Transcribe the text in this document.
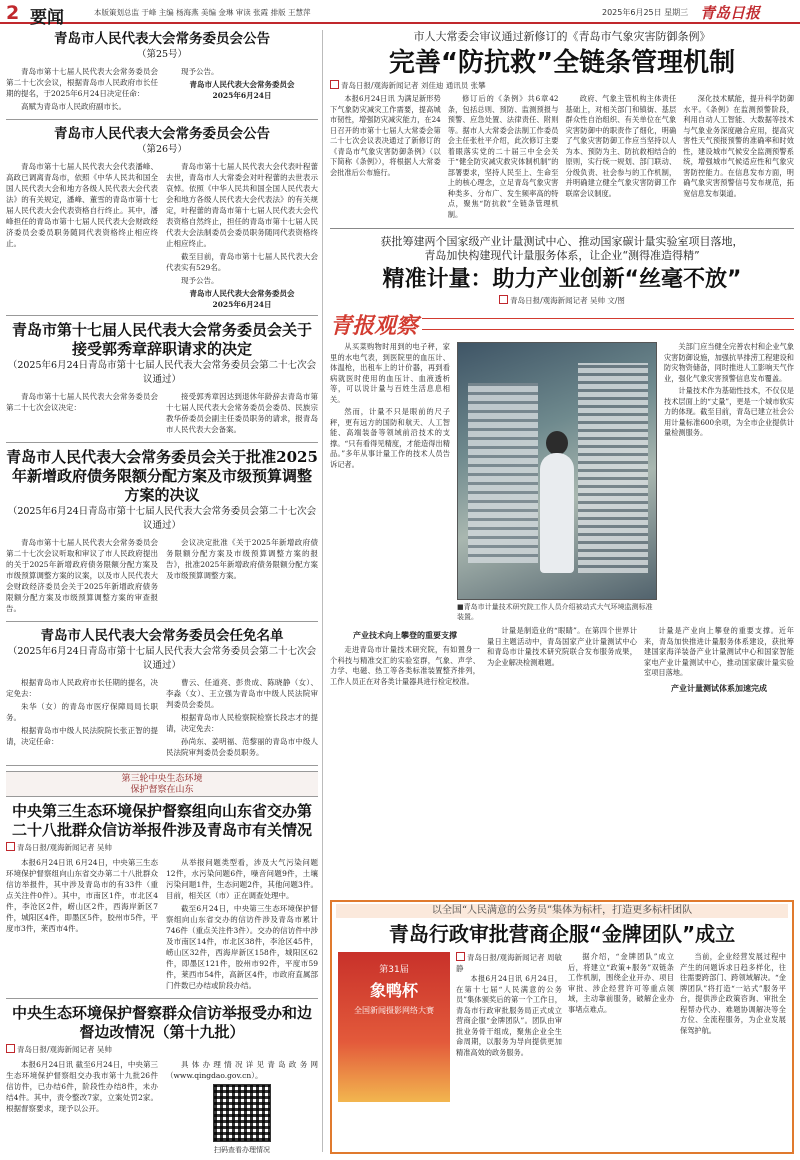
2 要闻	本版策划总监 于峰 主编 杨海燕 美编 金琳 审读 张霞 排版 王慧萍	2025年6月25日 星期三 青岛日报
青岛市人民代表大会常务委员会公告
（第25号）

青岛市第十七届人民代表大会常务委员会第二十七次会议，根据青岛市人民政府市长任期的提名，于2025年6月24日决定任命：

高赋为青岛市人民政府副市长。

现予公告。

青岛市人民代表大会常务委员会
2025年6月24日
青岛市人民代表大会常务委员会公告
（第26号）

青岛市第十七届人民代表大会代表潘峰、高政已调离青岛市，依照《中华人民共和国全国人民代表大会和地方各级人民代表大会代表法》的有关规定，潘峰、董雪的青岛市第十七届人民代表大会代表资格自行终止。其中，潘峰担任的青岛市第十七届人民代表大会财政经济委员会委员职务随同代表资格终止相应终止。

青岛市第十七届人民代表大会代表叶程蕾去世，青岛市人大常委会对叶程蕾的去世表示哀悼。依照《中华人民共和国全国人民代表大会和地方各级人民代表大会代表法》的有关规定，叶程蕾的青岛市第十七届人民代表大会代表资格自然终止，担任的青岛市第十七届人民代表大会法制委员会委员职务随同代表资格终止相应终止。

截至目前，青岛市第十七届人民代表大会代表实有529名。

现予公告。

青岛市人民代表大会常务委员会
2025年6月24日
青岛市第十七届人民代表大会常务委员会关于接受郭秀章辞职请求的决定
（2025年6月24日青岛市第十七届人民代表大会常务委员会第二十七次会议通过）

青岛市第十七届人民代表大会常务委员会第二十七次会议决定：

接受郭秀章因达到退休年龄辞去青岛市第十七届人民代表大会常务委员会委员、民族宗教华侨委员会副主任委员职务的请求，报青岛市人民代表大会备案。

青岛市人民代表大会常务委员会关于批准2025年新增政府债务限额分配方案及市级预算调整方案的决议
（2025年6月24日青岛市第十七届人民代表大会常务委员会第二十七次会议通过）

青岛市第十七届人民代表大会常务委员会第二十七次会议听取和审议了市人民政府提出的关于2025年新增政府债务限额分配方案及市级预算调整方案的议案，以及市人民代表大会财政经济委员会关于2025年新增政府债务限额分配方案及市级预算调整方案的审查报告。

会议决定批准《关于2025年新增政府债务限额分配方案及市级预算调整方案的报告》，批准2025年新增政府债务限额分配方案及市级预算调整方案。

青岛市人民代表大会常务委员会任免名单
（2025年6月24日青岛市第十七届人民代表大会常务委员会第二十七次会议通过）

根据青岛市人民政府市长任期的提名，决定免去：

朱华（女）的青岛市医疗保障局局长职务。

根据青岛市中级人民法院院长张正智的提请，决定任命：

曹云、任道亮、彭贵成、陈晓静（女）、李淼（女）、王立强为青岛市中级人民法院审判委员会委员。

根据青岛市人民检察院检察长段志才的提请，决定免去：

孙尚东、姜明福、范黎丽的青岛市中级人民法院审判委员会委员职务。

第三轮中央生态环境
保护督察在山东
中央第三生态环境保护督察组向山东省交办第二十八批群众信访举报件涉及青岛市有关情况
青岛日报/观海新闻记者 吴帅

本报6月24日讯 6月24日，中央第三生态环境保护督察组向山东省交办第二十八批群众信访举报件，其中涉及青岛市的有33件（重点关注件0件）。其中，市南区1件，市北区4件，李沧区2件，崂山区2件，西海岸新区7件，城阳区4件，即墨区5件，胶州市5件，平度市3件，莱西市4件。

从举报问题类型看，涉及大气污染问题12件，水污染问题6件，噪音问题9件，土壤污染问题1件，生态问题2件，其他问题3件。目前，相关区（市）正在调查处理中。

截至6月24日，中央第三生态环境保护督察组向山东省交办的信访件涉及青岛市累计746件（重点关注件3件）。交办的信访件中涉及市南区14件，市北区38件，李沧区45件，崂山区32件，西海岸新区158件，城阳区62件，即墨区121件，胶州市92件，平度市59件，莱西市54件，高新区4件，市政府直属部门件数已办结或阶段办结。

中央生态环境保护督察群众信访举报受办和边督边改情况（第十九批）
青岛日报/观海新闻记者 吴帅

本报6月24日讯 截至6月24日，中央第三生态环境保护督察组交办我市第十九批26件信访件，已办结6件，阶段性办结8件，未办结4件。其中，责令整改7家，立案处罚2家。根据督察要求，现予以公开。

具体办理情况详见青岛政务网（www.qingdao.gov.cn）。

扫码查看办理情况
市人大常委会审议通过新修订的《青岛市气象灾害防御条例》
完善“防抗救”全链条管理机制
青岛日报/观海新闻记者 刘佳迪 通讯员 张攀

本报6月24日讯 为满足新形势下气象防灾减灾工作需要，提高城市韧性，增强防灾减灾能力，在24日召开的市第十七届人大常委会第二十七次会议表决通过了新修订的《青岛市气象灾害防御条例》（以下简称《条例》），将根据人大常委会批准后公布施行。

修订后的《条例》共6章42条，包括总则、预防、监测预报与预警、应急处置、法律责任、附则等。据市人大常委会法制工作委员会主任张杜平介绍，此次修订主要着眼落实党的二十届三中全会关于“健全防灾减灾救灾体制机制”的部署要求，坚持人民至上、生命至上的核心理念，立足青岛气象灾害种类多、分布广、发生频率高的特点，聚焦“防抗救”全链条管理机制。

政府、气象主管机构主体责任基础上，对相关部门和镇街、基层群众性自治组织、有关单位在气象灾害防御中的职责作了细化，明确了气象灾害防御工作应当坚持以人为本、预防为主、防抗救相结合的原则，实行统一规划、部门联动、分级负责、社会参与的工作机制，并明确建立健全气象灾害防御工作联席会议制度。

深化技术赋能，提升科学防御水平。《条例》在监测预警阶段，利用自动人工智能、大数据等技术与气象业务深度融合应用，提高灾害性天气预报预警的准确率和时效性，建设城市气候安全监测预警系统，增强城市气候适应性和气象灾害防控能力。在信息发布方面，明确气象灾害预警信号发布规范，拓宽信息发布渠道。

获批筹建两个国家级产业计量测试中心、推动国家碳计量实验室项目落地，
青岛加快构建现代计量服务体系，让企业“测得准造得精”
精准计量：助力产业创新“丝毫不放”
青岛日报/观海新闻记者 吴帅 文/图
青报观察

从买菜购物时用到的电子秤，家里的水电气表，到医院里的血压计、体温枪，出租车上的计价器，再到看病就医时使用的血压计、血液透析等，可以说计量与百姓生活息息相关。

然而，计量不只是眼前的尺子秤，更有远方的国防和航天、人工智能、高端装备等领域前沿技术的支撑。“只有看得见精度，才能造得出精品。”多年从事计量工作的技术人员告诉记者。

■青岛市计量技术研究院工作人员介绍被动式大气环境监测标准装置。

关部门应当健全完善农村和企业气象灾害防御设施，加强抗旱排涝工程建设和防灾物资储备，同时推进人工影响天气作业，强化气象灾害预警信息发布覆盖。

计量技术作为基础性技术，不仅仅是技术层面上的“丈量”，更是一个城市软实力的体现。截至目前，青岛已建立社会公用计量标准600余项，为全市企业提供计量检测服务。

产业技术向上攀登的重要支撑

走进青岛市计量技术研究院，有如置身一个科技与精准交汇的实验室群，气象、声学、力学、电磁、热工等各类标准装置整齐排列，工作人员正在对各类计量器具进行检定校准。

计量是制造业的“眼睛”。在第四个世界计量日主题活动中，青岛国家产业计量测试中心和青岛市计量技术研究院联合发布服务成果，为企业解决检测难题。

计量是产业向上攀登的重要支撑。近年来，青岛加快推进计量服务体系建设，获批筹建国家海洋装备产业计量测试中心和国家智能家电产业计量测试中心，推动国家碳计量实验室项目落地。

产业计量测试体系加速完成
以全国“人民满意的公务员”集体为标杆，打造更多标杆团队
青岛行政审批营商企服“金牌团队”成立
第31届
象鸭杯
全国新闻摄影网络大赛
青岛日报/观海新闻记者 周敏静

本报6月24日讯 6月24日，在第十七届“人民满意的公务员”集体颁奖后的第一个工作日，青岛市行政审批服务局正式成立营商企服“金牌团队”。团队由审批业务骨干组成，聚焦企业全生命周期，以服务为导向提供更加精准高效的政务服务。

据介绍，“金牌团队”成立后，将建立“政策+服务”双链条工作机制，围绕企业开办、项目审批、涉企经营许可等重点领域，主动靠前服务，破解企业办事堵点难点。

当前，企业经营发展过程中产生的问题诉求日趋多样化，往往需要跨部门、跨领域解决。“金牌团队”将打造“一站式”服务平台，提供涉企政策咨询、审批全程帮办代办、难题协调解决等全方位、全流程服务，为企业发展保驾护航。
